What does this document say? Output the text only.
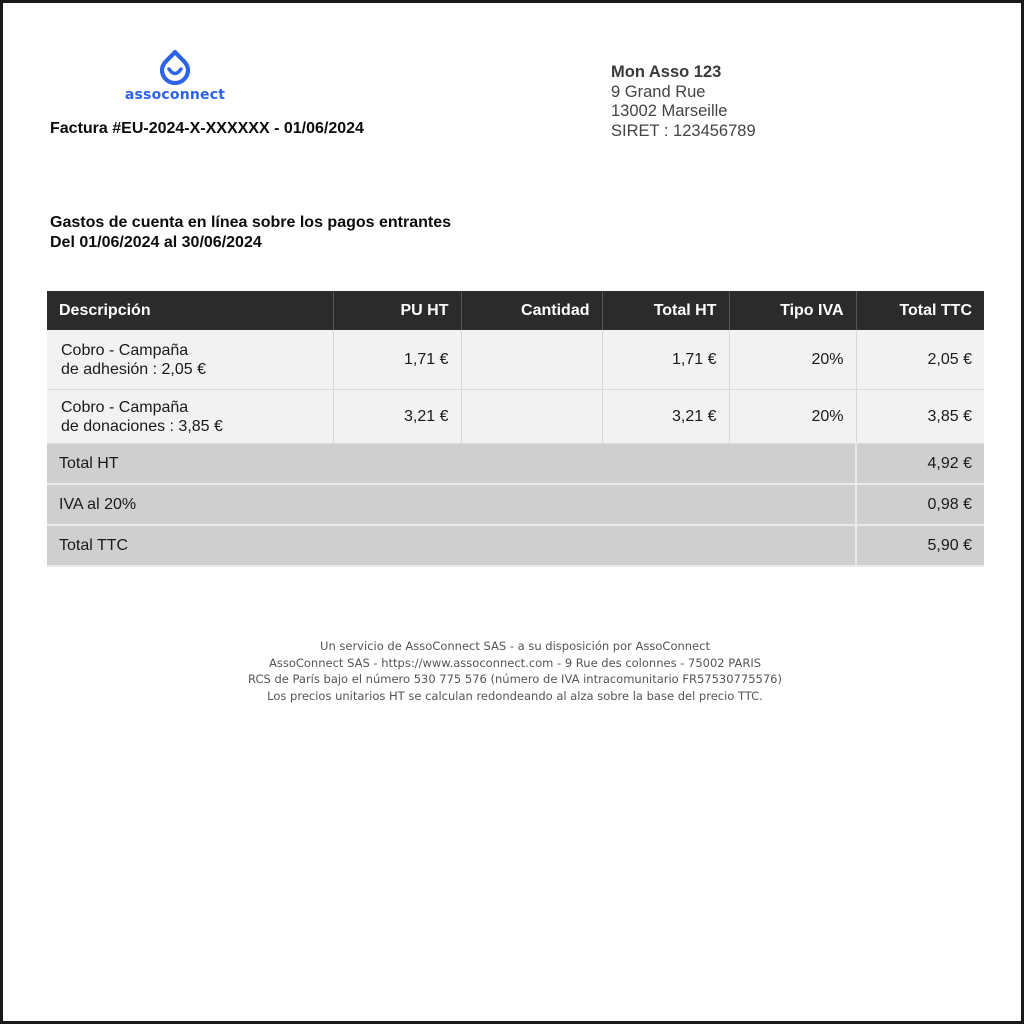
assoconnect
Factura #EU-2024-X-XXXXXX - 01/06/2024
Mon Asso 123
9 Grand Rue
13002 Marseille
SIRET : 123456789
Gastos de cuenta en línea sobre los pagos entrantes
Del 01/06/2024 al 30/06/2024
Descripción	PU HT	Cantidad	Total HT	Tipo IVA	Total TTC

Cobro - Campaña
de adhesión : 2,05 €	1,71 €		1,71 €	20%	2,05 €

Cobro - Campaña
de donaciones : 3,85 €	3,21 €		3,21 €	20%	3,85 €
Total HT					4,92 €
IVA al 20%					0,98 €
Total TTC					5,90 €
Un servicio de AssoConnect SAS - a su disposición por AssoConnect
AssoConnect SAS - https://www.assoconnect.com - 9 Rue des colonnes - 75002 PARIS
RCS de París bajo el número 530 775 576 (número de IVA intracomunitario FR57530775576)
Los precios unitarios HT se calculan redondeando al alza sobre la base del precio TTC.
